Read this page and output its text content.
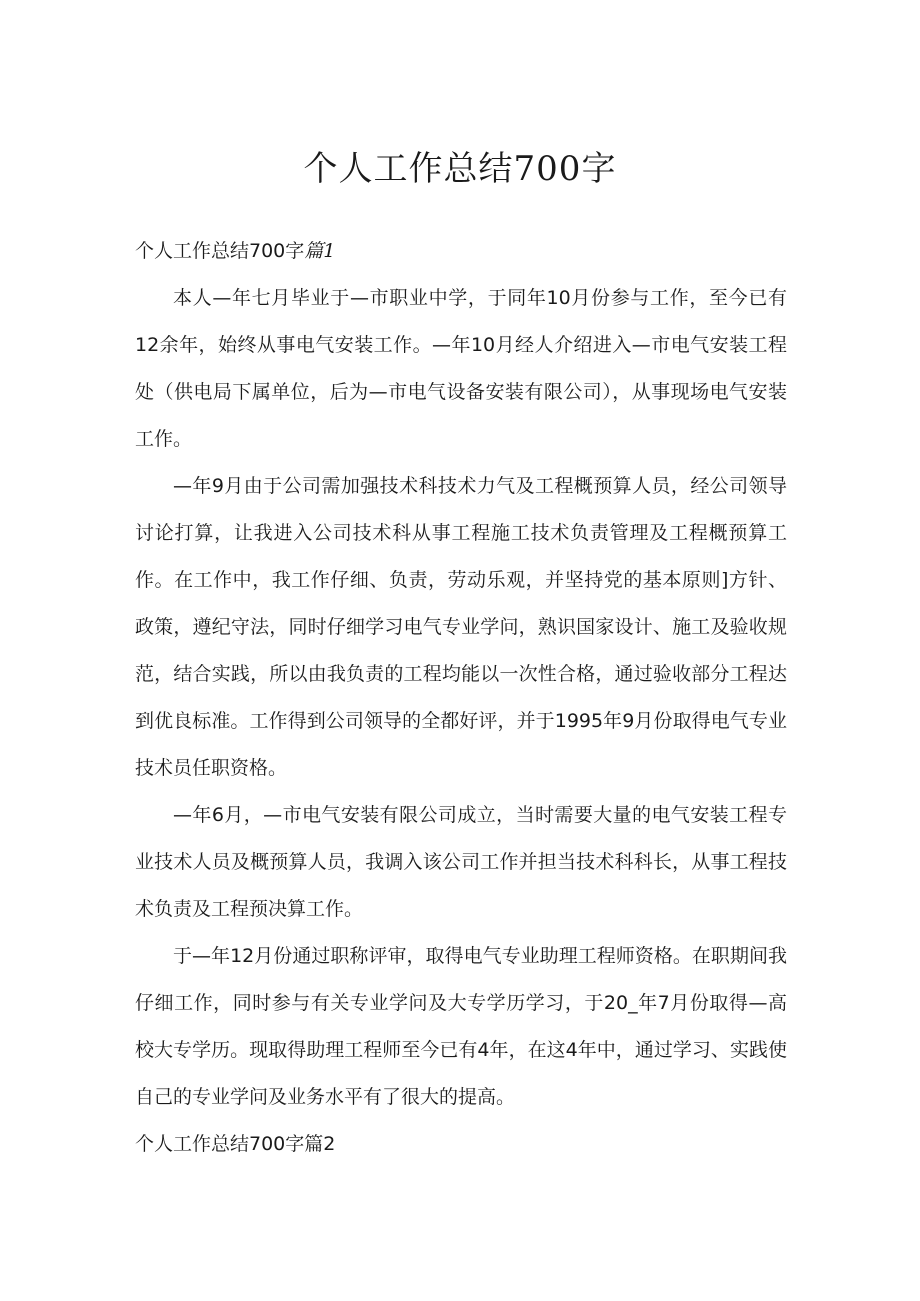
个人工作总结700字
个人工作总结700字篇1

本人—年七月毕业于—市职业中学，于同年10月份参与工作，至今已有12余年，始终从事电气安装工作。—年10月经人介绍进入—市电气安装工程处（供电局下属单位，后为—市电气设备安装有限公司），从事现场电气安装工作。

—年9月由于公司需加强技术科技术力气及工程概预算人员，经公司领导讨论打算，让我进入公司技术科从事工程施工技术负责管理及工程概预算工作。在工作中，我工作仔细、负责，劳动乐观，并坚持党的基本原则]方针、政策，遵纪守法，同时仔细学习电气专业学问，熟识国家设计、施工及验收规范，结合实践，所以由我负责的工程均能以一次性合格，通过验收部分工程达到优良标准。工作得到公司领导的全都好评，并于1995年9月份取得电气专业技术员任职资格。

—年6月，—市电气安装有限公司成立，当时需要大量的电气安装工程专业技术人员及概预算人员，我调入该公司工作并担当技术科科长，从事工程技术负责及工程预决算工作。

于—年12月份通过职称评审，取得电气专业助理工程师资格。在职期间我仔细工作，同时参与有关专业学问及大专学历学习，于20_年7月份取得—高校大专学历。现取得助理工程师至今已有4年，在这4年中，通过学习、实践使自己的专业学问及业务水平有了很大的提高。

个人工作总结700字篇2
